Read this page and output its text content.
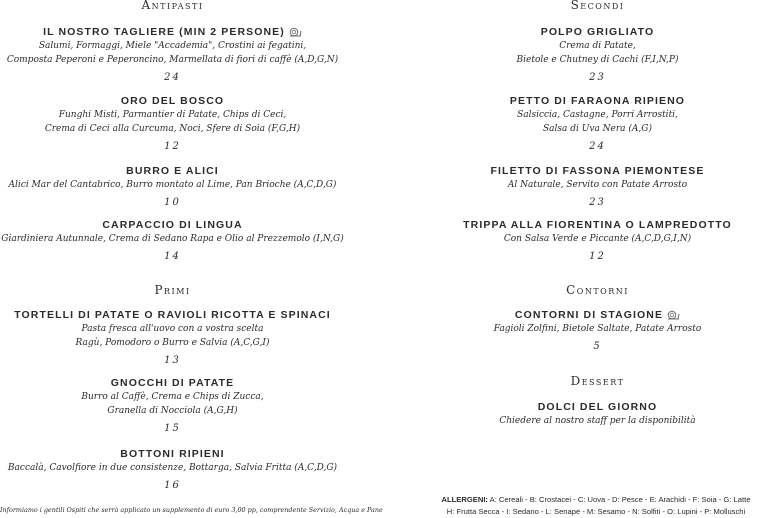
Antipasti
IL NOSTRO TAGLIERE (MIN 2 PERSONE)
Salumi, Formaggi, Miele "Accademia", Crostini ai fegatini,
Composta Peperoni e Peperoncino, Marmellata di fiori di caffè (A,D,G,N)
24
ORO DEL BOSCO
Funghi Misti, Parmantier di Patate, Chips di Ceci,
Crema di Ceci alla Curcuma, Noci, Sfere di Soia (F,G,H)
12
BURRO E ALICI
Alici Mar del Cantabrico, Burro montato al Lime, Pan Brioche (A,C,D,G)
10
CARPACCIO DI LINGUA
Giardiniera Autunnale, Crema di Sedano Rapa e Olio al Prezzemolo (I,N,G)
14
Primi
TORTELLI DI PATATE O RAVIOLI RICOTTA E SPINACI
Pasta fresca all'uovo con a vostra scelta
Ragù, Pomodoro o Burro e Salvia (A,C,G,I)
13
GNOCCHI DI PATATE
Burro al Caffè, Crema e Chips di Zucca,
Granella di Nocciola (A,G,H)
15
BOTTONI RIPIENI
Baccalà, Cavolfiore in due consistenze, Bottarga, Salvia Fritta (A,C,D,G)
16
Secondi
POLPO GRIGLIATO
Crema di Patate,
Bietole e Chutney di Cachi (F,I,N,P)
23
PETTO DI FARAONA RIPIENO
Salsiccia, Castagne, Porri Arrostiti,
Salsa di Uva Nera (A,G)
24
FILETTO DI FASSONA PIEMONTESE
Al Naturale, Servito con Patate Arrosto
23
TRIPPA ALLA FIORENTINA O LAMPREDOTTO
Con Salsa Verde e Piccante (A,C,D,G,I,N)
12
Contorni
CONTORNI DI STAGIONE
Fagioli Zolfini, Bietole Saltate, Patate Arrosto
5
Dessert
DOLCI DEL GIORNO
Chiedere al nostro staff per la disponibilità
Informiamo i gentili Ospiti che serrà applicato un supplemento di euro 3,00 pp, comprendente Servizio, Acqua e Pane
ALLERGENI: A: Cereali - B: Crostacei - C: Uova - D: Pesce - E: Arachidi - F: Soia - G: Latte
H: Frutta Secca - I: Sedano - L: Senape - M: Sesamo - N: Solfiti - O: Lupini - P: Molluschi
